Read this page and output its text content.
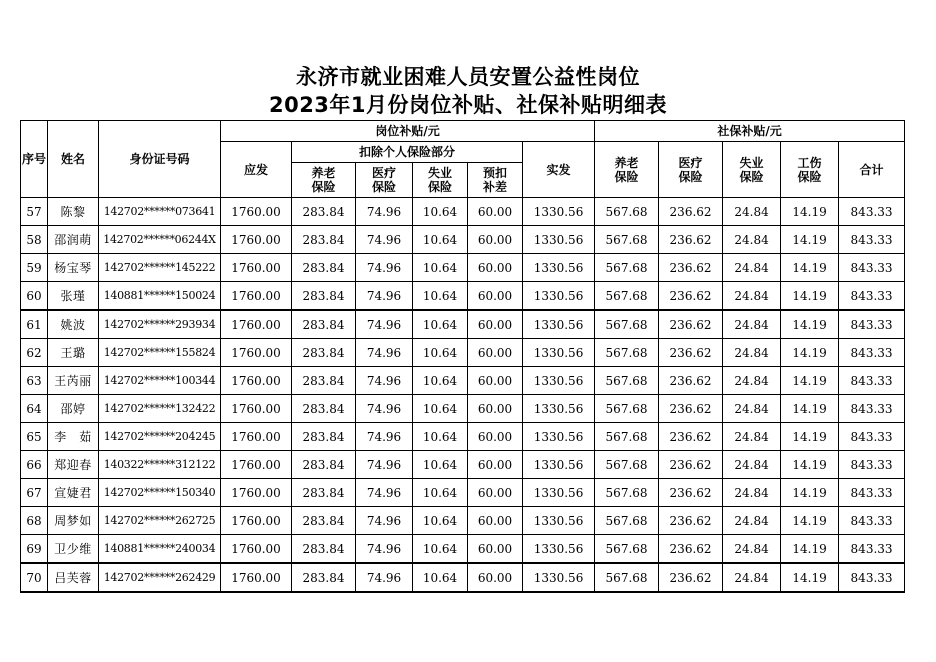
永济市就业困难人员安置公益性岗位
2023年1月份岗位补贴、社保补贴明细表
序号	姓名	身份证号码	岗位补贴/元						社保补贴/元				
			应发	扣除个人保险部分				实发	养老保险	医疗保险	失业保险	工伤保险	合计
				养老保险	医疗保险	失业保险	预扣补差						
57	陈黎	142702******073641	1760.00	283.84	74.96	10.64	60.00	1330.56	567.68	236.62	24.84	14.19	843.33
58	邵润萌	142702******06244X	1760.00	283.84	74.96	10.64	60.00	1330.56	567.68	236.62	24.84	14.19	843.33
59	杨宝琴	142702******145222	1760.00	283.84	74.96	10.64	60.00	1330.56	567.68	236.62	24.84	14.19	843.33
60	张瑾	140881******150024	1760.00	283.84	74.96	10.64	60.00	1330.56	567.68	236.62	24.84	14.19	843.33
61	姚波	142702******293934	1760.00	283.84	74.96	10.64	60.00	1330.56	567.68	236.62	24.84	14.19	843.33
62	王璐	142702******155824	1760.00	283.84	74.96	10.64	60.00	1330.56	567.68	236.62	24.84	14.19	843.33
63	王芮丽	142702******100344	1760.00	283.84	74.96	10.64	60.00	1330.56	567.68	236.62	24.84	14.19	843.33
64	邵婷	142702******132422	1760.00	283.84	74.96	10.64	60.00	1330.56	567.68	236.62	24.84	14.19	843.33
65	李　茹	142702******204245	1760.00	283.84	74.96	10.64	60.00	1330.56	567.68	236.62	24.84	14.19	843.33
66	郑迎春	140322******312122	1760.00	283.84	74.96	10.64	60.00	1330.56	567.68	236.62	24.84	14.19	843.33
67	宣婕君	142702******150340	1760.00	283.84	74.96	10.64	60.00	1330.56	567.68	236.62	24.84	14.19	843.33
68	周梦如	142702******262725	1760.00	283.84	74.96	10.64	60.00	1330.56	567.68	236.62	24.84	14.19	843.33
69	卫少维	140881******240034	1760.00	283.84	74.96	10.64	60.00	1330.56	567.68	236.62	24.84	14.19	843.33
70	吕芙蓉	142702******262429	1760.00	283.84	74.96	10.64	60.00	1330.56	567.68	236.62	24.84	14.19	843.33
